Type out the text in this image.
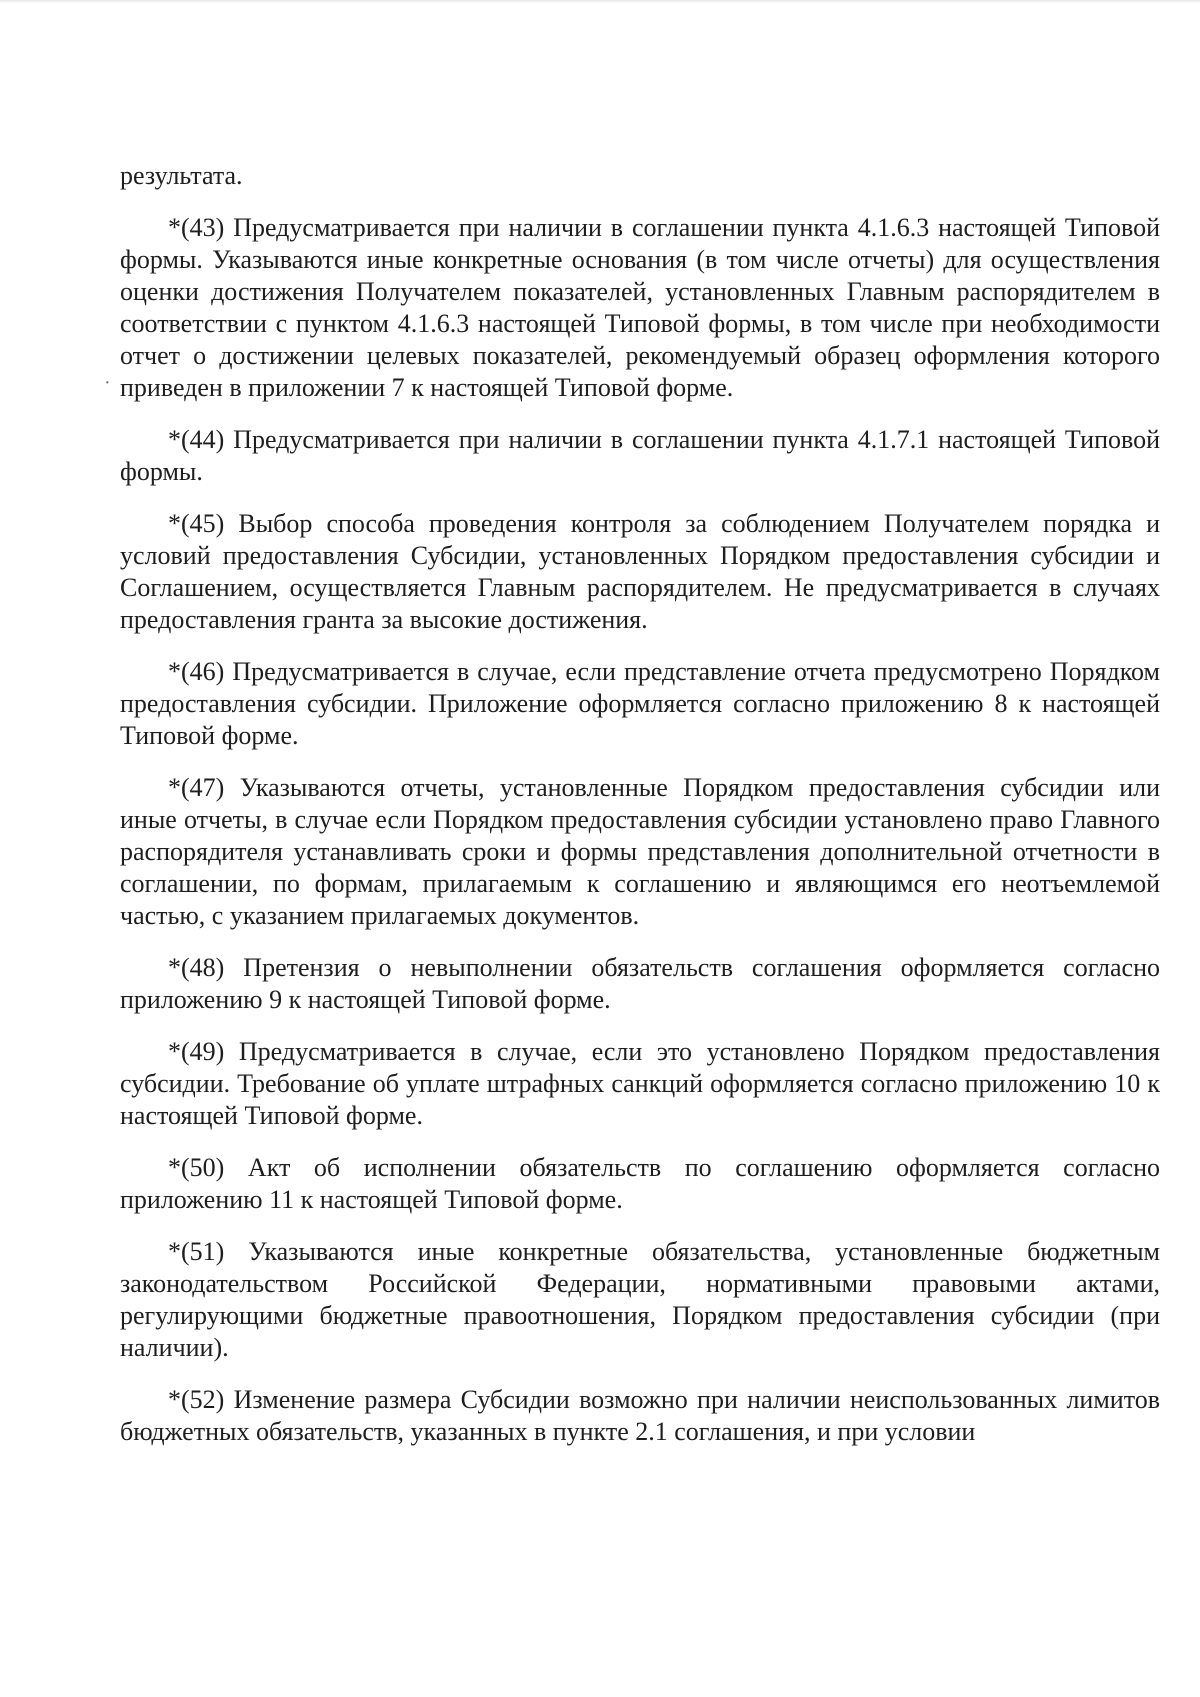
·

результата.

*(43) Предусматривается при наличии в соглашении пункта 4.1.6.3 настоящей Типовой формы. Указываются иные конкретные основания (в том числе отчеты) для осуществления оценки достижения Получателем показателей, установленных Главным распорядителем в соответствии с пунктом 4.1.6.3 настоящей Типовой формы, в том числе при необходимости отчет о достижении целевых показателей, рекомендуемый образец оформления которого приведен в приложении 7 к настоящей Типовой форме.

*(44) Предусматривается при наличии в соглашении пункта 4.1.7.1 настоящей Типовой формы.

*(45) Выбор способа проведения контроля за соблюдением Получателем порядка и условий предоставления Субсидии, установленных Порядком предоставления субсидии и Соглашением, осуществляется Главным распорядителем. Не предусматривается в случаях предоставления гранта за высокие достижения.

*(46) Предусматривается в случае, если представление отчета предусмотрено Порядком предоставления субсидии. Приложение оформляется согласно приложению 8 к настоящей Типовой форме.

*(47) Указываются отчеты, установленные Порядком предоставления субсидии или иные отчеты, в случае если Порядком предоставления субсидии установлено право Главного распорядителя устанавливать сроки и формы представления дополнительной отчетности в соглашении, по формам, прилагаемым к соглашению и являющимся его неотъемлемой частью, с указанием прилагаемых документов.

*(48) Претензия о невыполнении обязательств соглашения оформляется согласно приложению 9 к настоящей Типовой форме.

*(49) Предусматривается в случае, если это установлено Порядком предоставления субсидии. Требование об уплате штрафных санкций оформляется согласно приложению 10 к настоящей Типовой форме.

*(50) Акт об исполнении обязательств по соглашению оформляется согласно приложению 11 к настоящей Типовой форме.

*(51) Указываются иные конкретные обязательства, установленные бюджетным законодательством Российской Федерации, нормативными правовыми актами, регулирующими бюджетные правоотношения, Порядком предоставления субсидии (при наличии).

*(52) Изменение размера Субсидии возможно при наличии неиспользованных лимитов бюджетных обязательств, указанных в пункте 2.1 соглашения, и при условии
